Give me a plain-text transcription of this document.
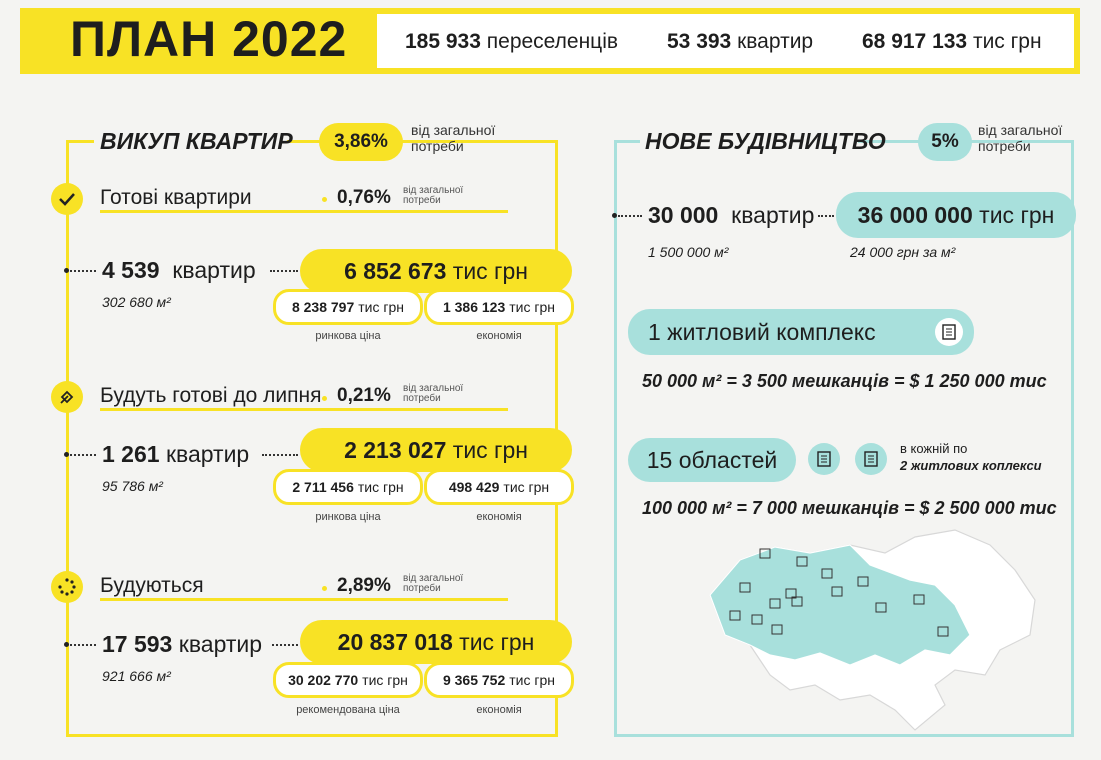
ПЛАН 2022	185 933 переселенців 53 393 квартир 68 917 133 тис грн
ВИКУП КВАРТИР	3,86%
від загальної
потреби
Готові квартири	0,76% від загальної
потреби
4 539 квартир
302 680 м²
6 852 673
тис грн
8 238 797 тис грн	1 386 123 тис грн
ринкова ціна	економія
Будуть готові до липня 0,21% від загальної
потреби
1 261 квартир
95 786 м²
2 213 027
тис грн
2 711 456 тис грн	498 429 тис грн
ринкова ціна	економія
Будуються	2,89% від загальної
потреби
17 593 квартир
921 666 м²
20 837 018
тис грн
30 202 770 тис грн	9 365 752 тис грн
рекомендована ціна	економія
НОВЕ БУДІВНИЦТВО	5%
від загальної
потреби
30 000 квартир
1 500 000 м²
36 000 000
тис грн
24 000 грн за м²
1 житловий комплекс
50 000 м² = 3 500 мешканців = $ 1 250 000 тис
15 областей	в кожній по
2 житлових коплекси
100 000 м² = 7 000 мешканців = $ 2 500 000 тис
